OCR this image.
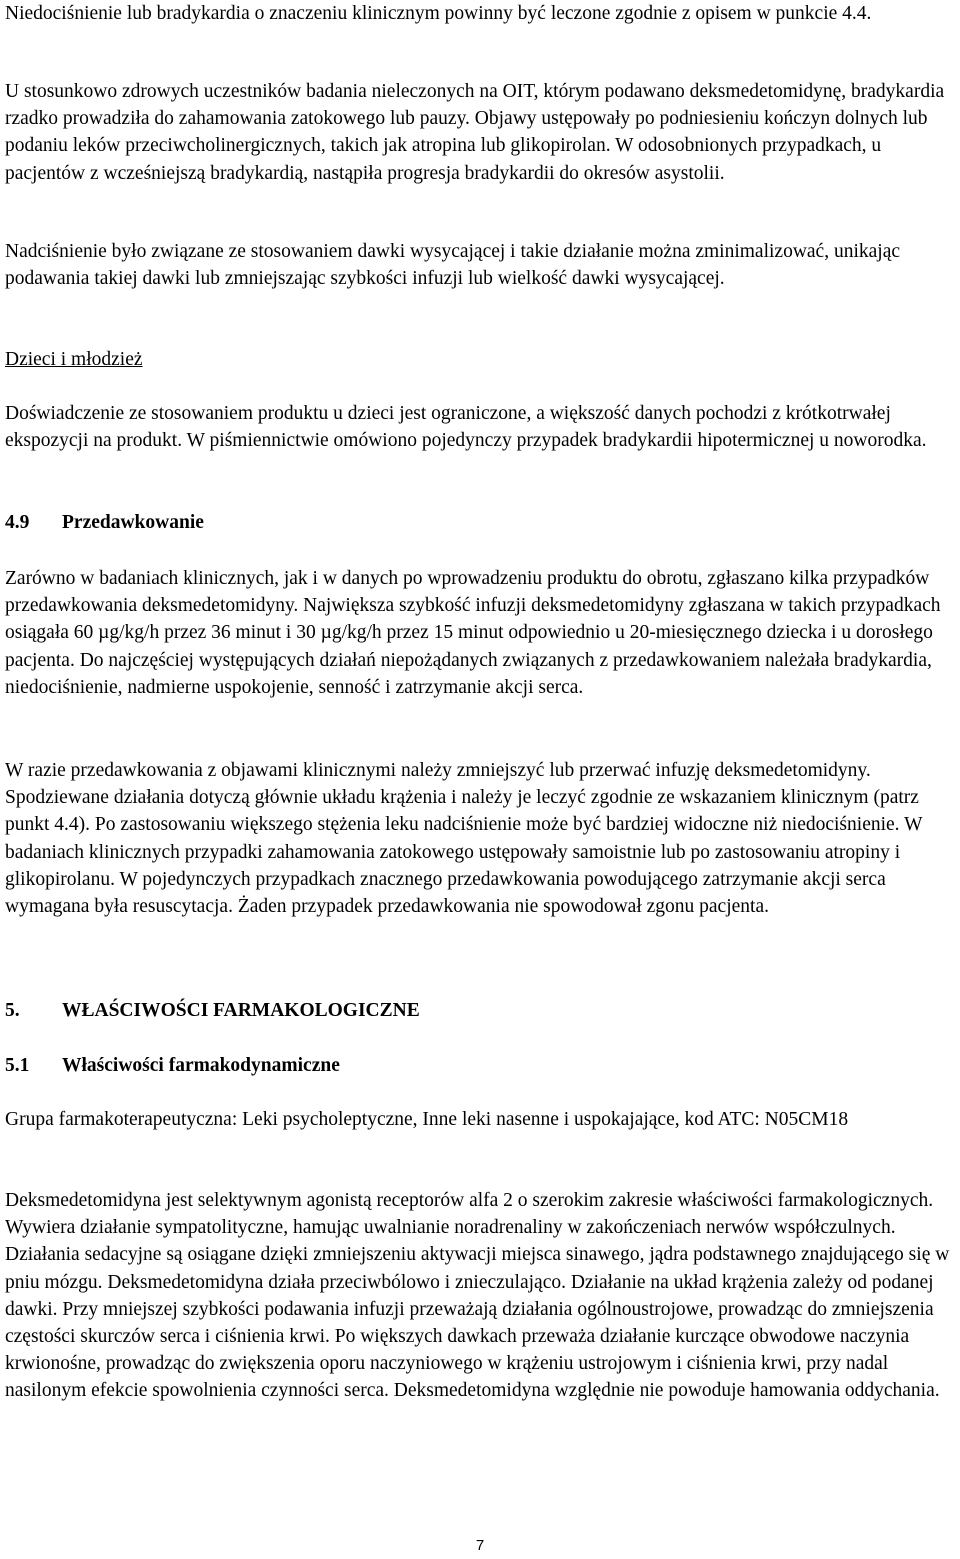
Niedociśnienie lub bradykardia o znaczeniu klinicznym powinny być leczone zgodnie z opisem w punkcie 4.4.

U stosunkowo zdrowych uczestników badania nieleczonych na OIT, którym podawano deksmedetomidynę, bradykardia rzadko prowadziła do zahamowania zatokowego lub pauzy. Objawy ustępowały po podniesieniu kończyn dolnych lub podaniu leków przeciwcholinergicznych, takich jak atropina lub glikopirolan. W odosobnionych przypadkach, u pacjentów z wcześniejszą bradykardią, nastąpiła progresja bradykardii do okresów asystolii.

Nadciśnienie było związane ze stosowaniem dawki wysycającej i takie działanie można zminimalizować, unikając podawania takiej dawki lub zmniejszając szybkości infuzji lub wielkość dawki wysycającej.

Dzieci i młodzież

Doświadczenie ze stosowaniem produktu u dzieci jest ograniczone, a większość danych pochodzi z krótkotrwałej ekspozycji na produkt. W piśmiennictwie omówiono pojedynczy przypadek bradykardii hipotermicznej u noworodka.

4.9 Przedawkowanie

Zarówno w badaniach klinicznych, jak i w danych po wprowadzeniu produktu do obrotu, zgłaszano kilka przypadków przedawkowania deksmedetomidyny. Największa szybkość infuzji deksmedetomidyny zgłaszana w takich przypadkach osiągała 60 µg/kg/h przez 36 minut i 30 µg/kg/h przez 15 minut odpowiednio u 20-miesięcznego dziecka i u dorosłego pacjenta. Do najczęściej występujących działań niepożądanych związanych z przedawkowaniem należała bradykardia, niedociśnienie, nadmierne uspokojenie, senność i zatrzymanie akcji serca.

W razie przedawkowania z objawami klinicznymi należy zmniejszyć lub przerwać infuzję deksmedetomidyny. Spodziewane działania dotyczą głównie układu krążenia i należy je leczyć zgodnie ze wskazaniem klinicznym (patrz punkt 4.4). Po zastosowaniu większego stężenia leku nadciśnienie może być bardziej widoczne niż niedociśnienie. W badaniach klinicznych przypadki zahamowania zatokowego ustępowały samoistnie lub po zastosowaniu atropiny i glikopirolanu. W pojedynczych przypadkach znacznego przedawkowania powodującego zatrzymanie akcji serca wymagana była resuscytacja. Żaden przypadek przedawkowania nie spowodował zgonu pacjenta.

5. WŁAŚCIWOŚCI FARMAKOLOGICZNE

5.1 Właściwości farmakodynamiczne

Grupa farmakoterapeutyczna: Leki psycholeptyczne, Inne leki nasenne i uspokajające, kod ATC: N05CM18

Deksmedetomidyna jest selektywnym agonistą receptorów alfa 2 o szerokim zakresie właściwości farmakologicznych. Wywiera działanie sympatolityczne, hamując uwalnianie noradrenaliny w zakończeniach nerwów współczulnych. Działania sedacyjne są osiągane dzięki zmniejszeniu aktywacji miejsca sinawego, jądra podstawnego znajdującego się w pniu mózgu. Deksmedetomidyna działa przeciwbólowo i znieczulająco. Działanie na układ krążenia zależy od podanej dawki. Przy mniejszej szybkości podawania infuzji przeważają działania ogólnoustrojowe, prowadząc do zmniejszenia częstości skurczów serca i ciśnienia krwi. Po większych dawkach przeważa działanie kurczące obwodowe naczynia krwionośne, prowadząc do zwiększenia oporu naczyniowego w krążeniu ustrojowym i ciśnienia krwi, przy nadal nasilonym efekcie spowolnienia czynności serca. Deksmedetomidyna względnie nie powoduje hamowania oddychania.

7
